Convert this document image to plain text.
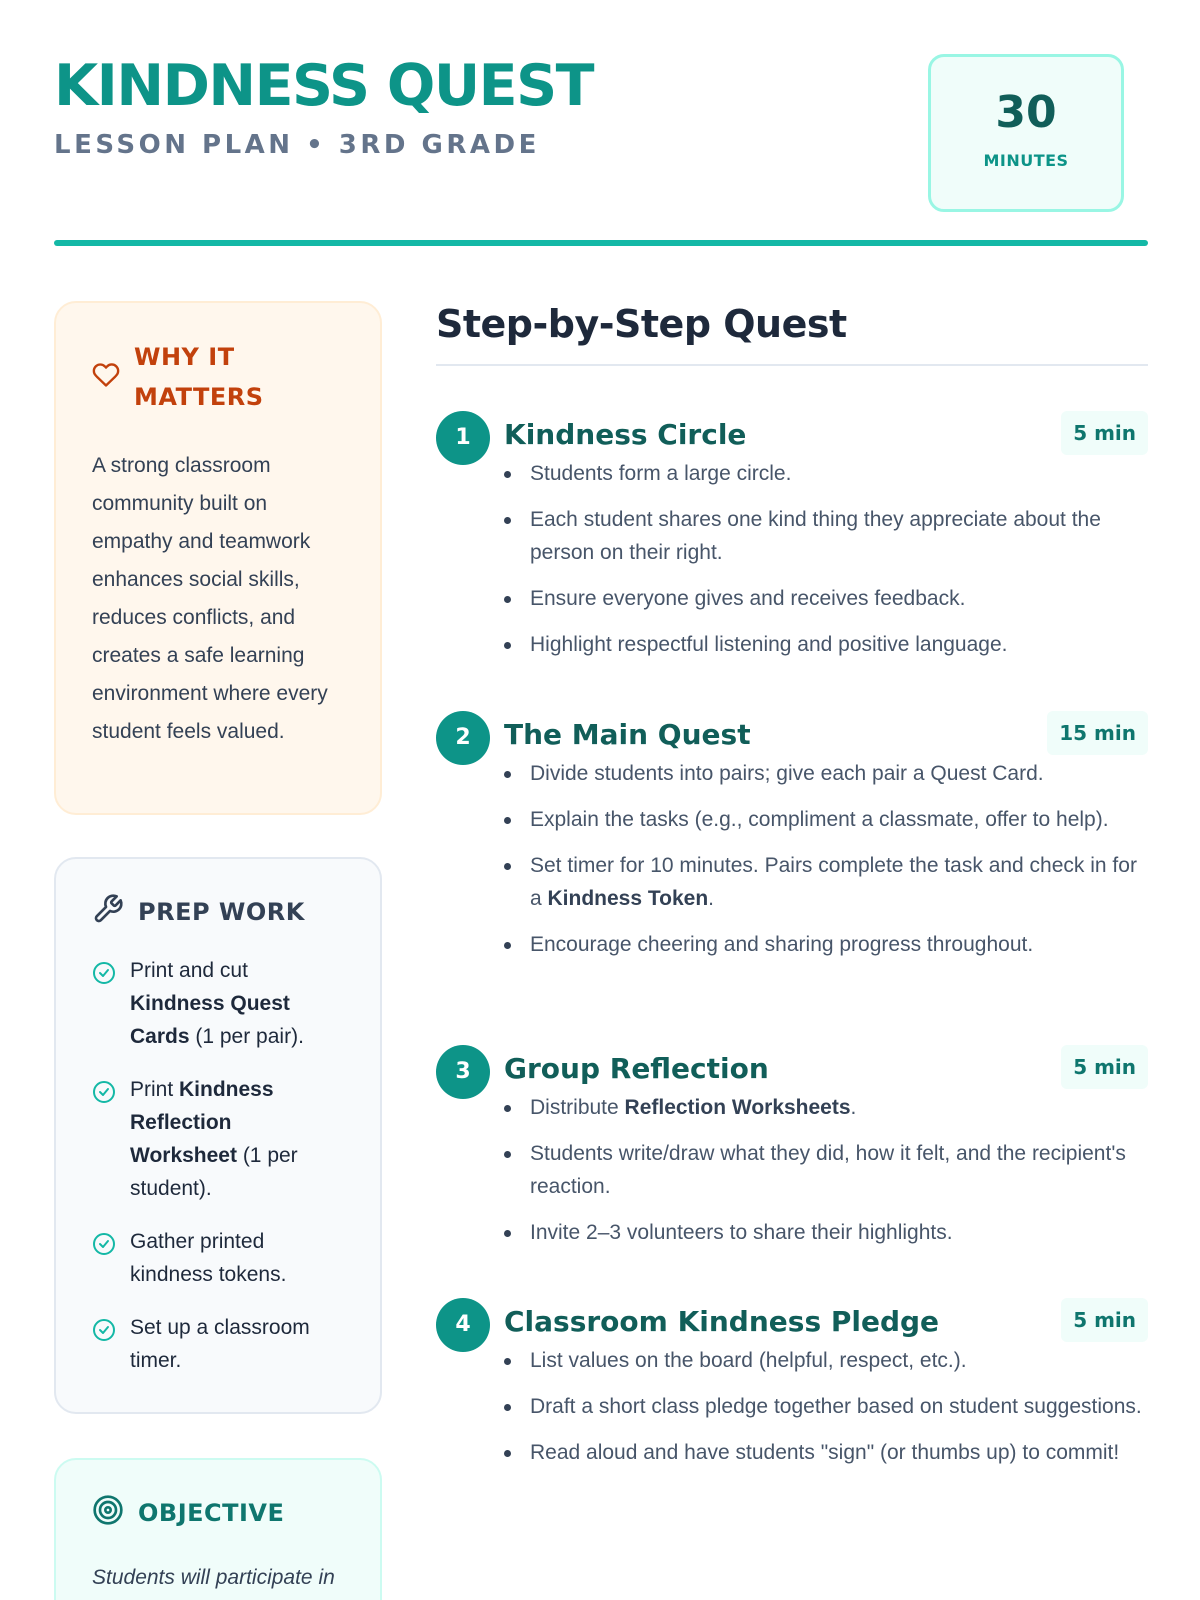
KINDNESS QUEST
LESSON PLAN • 3RD GRADE
30
MINUTES
WHY IT MATTERS
A strong classroom community built on empathy and teamwork enhances social skills, reduces conflicts, and creates a safe learning environment where every student feels valued.
PREP WORK
Print and cut Kindness Quest Cards (1 per pair).
Print Kindness Reflection Worksheet (1 per student).
Gather printed kindness tokens.
Set up a classroom timer.
OBJECTIVE
Students will participate in
Step-by-Step Quest
1	Kindness Circle	5 min
Students form a large circle.
Each student shares one kind thing they appreciate about the person on their right.
Ensure everyone gives and receives feedback.
Highlight respectful listening and positive language.
2	The Main Quest	15 min
Divide students into pairs; give each pair a Quest Card.
Explain the tasks (e.g., compliment a classmate, offer to help).
Set timer for 10 minutes. Pairs complete the task and check in for a Kindness Token.
Encourage cheering and sharing progress throughout.
3	Group Reflection	5 min
Distribute Reflection Worksheets.
Students write/draw what they did, how it felt, and the recipient's reaction.
Invite 2–3 volunteers to share their highlights.
4	Classroom Kindness Pledge	5 min
List values on the board (helpful, respect, etc.).
Draft a short class pledge together based on student suggestions.
Read aloud and have students "sign" (or thumbs up) to commit!
